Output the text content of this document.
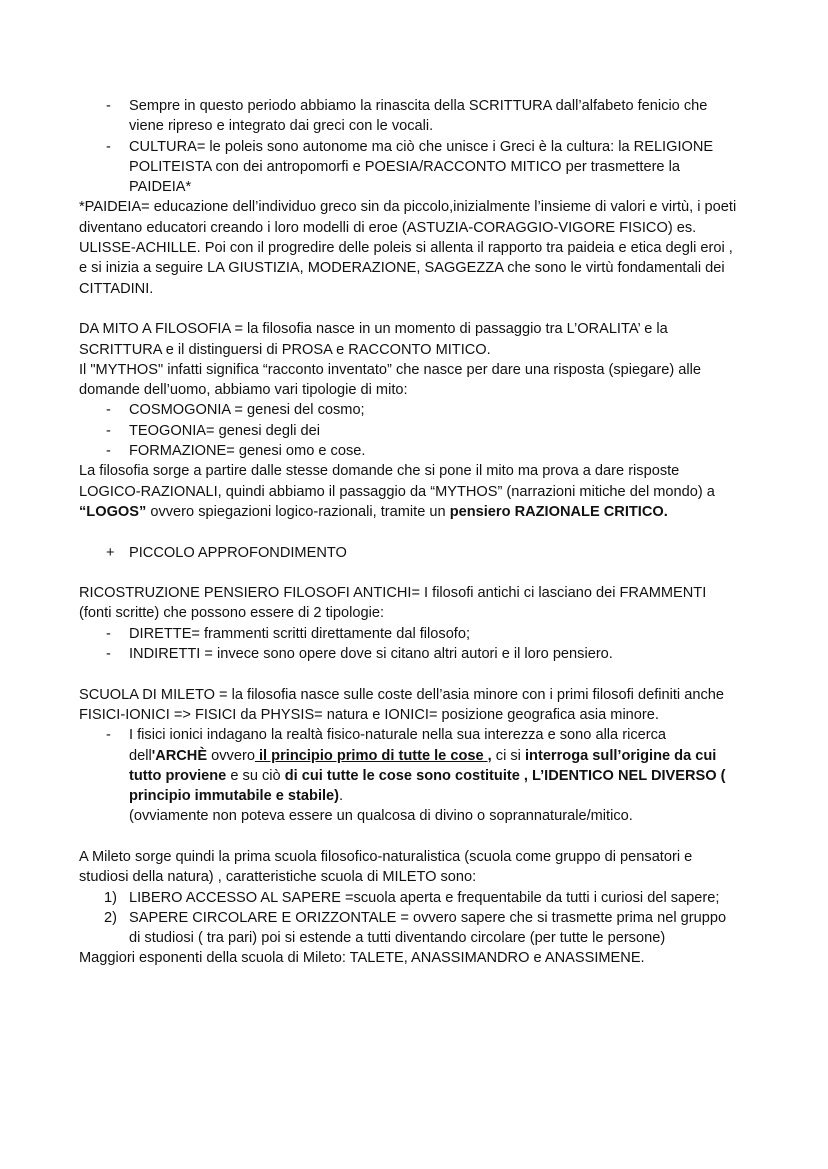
-	Sempre in questo periodo abbiamo la rinascita della SCRITTURA dall’alfabeto fenicio che viene ripreso e integrato dai greci con le vocali.
-	CULTURA= le poleis sono autonome ma ciò che unisce i Greci è la cultura: la RELIGIONE POLITEISTA con dei antropomorfi e POESIA/RACCONTO MITICO per trasmettere la PAIDEIA*

*PAIDEIA= educazione dell’individuo greco sin da piccolo,inizialmente l’insieme di valori e virtù, i poeti diventano educatori creando i loro modelli di eroe (ASTUZIA-CORAGGIO-VIGORE FISICO) es. ULISSE-ACHILLE. Poi con il progredire delle poleis si allenta il rapporto tra paideia e etica degli eroi , e si inizia a seguire LA GIUSTIZIA, MODERAZIONE, SAGGEZZA che sono le virtù fondamentali dei CITTADINI.

DA MITO A FILOSOFIA = la filosofia nasce in un momento di passaggio tra L’ORALITA’ e la SCRITTURA e il distinguersi di PROSA e RACCONTO MITICO.

Il "MYTHOS" infatti significa “racconto inventato” che nasce per dare una risposta (spiegare) alle domande dell’uomo, abbiamo vari tipologie di mito:

-	COSMOGONIA = genesi del cosmo;
-	TEOGONIA= genesi degli dei
-	FORMAZIONE= genesi omo e cose.

La filosofia sorge a partire dalle stesse domande che si pone il mito ma prova a dare risposte LOGICO-RAZIONALI, quindi abbiamo il passaggio da “MYTHOS” (narrazioni mitiche del mondo) a “LOGOS” ovvero spiegazioni logico-razionali, tramite un pensiero RAZIONALE CRITICO.

+ PICCOLO APPROFONDIMENTO

RICOSTRUZIONE PENSIERO FILOSOFI ANTICHI= I filosofi antichi ci lasciano dei FRAMMENTI (fonti scritte) che possono essere di 2 tipologie:

-	DIRETTE= frammenti scritti direttamente dal filosofo;
-	INDIRETTI = invece sono opere dove si citano altri autori e il loro pensiero.

SCUOLA DI MILETO = la filosofia nasce sulle coste dell’asia minore con i primi filosofi definiti anche FISICI-IONICI => FISICI da PHYSIS= natura e IONICI= posizione geografica asia minore.

-	I fisici ionici indagano la realtà fisico-naturale nella sua interezza e sono alla ricerca dell'ARCHÈ ovvero il principio primo di tutte le cose , ci si interroga sull’origine da cui tutto proviene e su ciò di cui tutte le cose sono costituite , L’IDENTICO NEL DIVERSO ( principio immutabile e stabile).
(ovviamente non poteva essere un qualcosa di divino o soprannaturale/mitico.

A Mileto sorge quindi la prima scuola filosofico-naturalistica (scuola come gruppo di pensatori e studiosi della natura) , caratteristiche scuola di MILETO sono:

1) LIBERO ACCESSO AL SAPERE =scuola aperta e frequentabile da tutti i curiosi del sapere;
2) SAPERE CIRCOLARE E ORIZZONTALE = ovvero sapere che si trasmette prima nel gruppo di studiosi ( tra pari) poi si estende a tutti diventando circolare (per tutte le persone)

Maggiori esponenti della scuola di Mileto: TALETE, ANASSIMANDRO e ANASSIMENE.
